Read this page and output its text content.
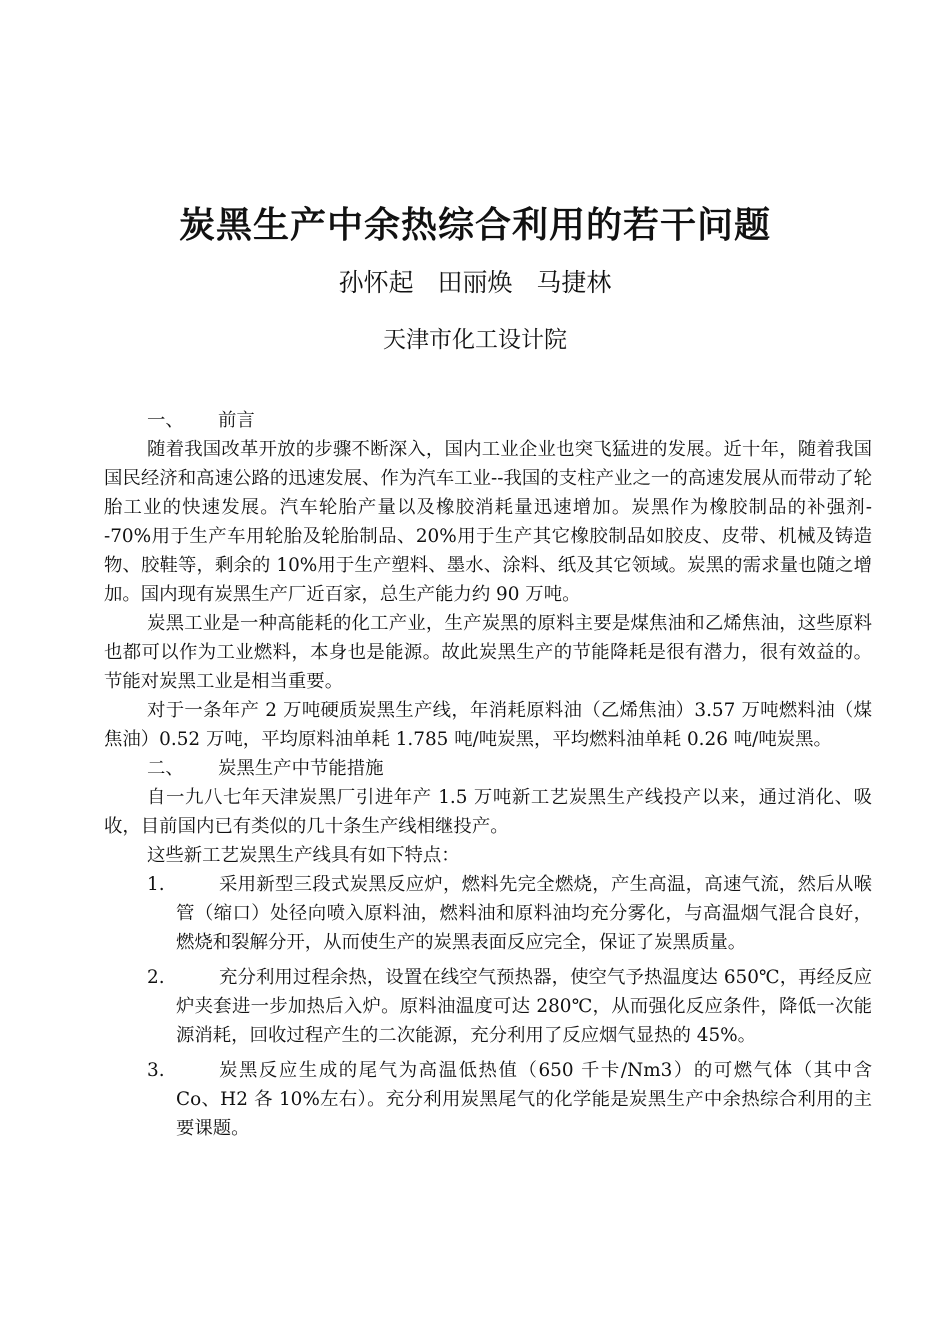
炭黑生产中余热综合利用的若干问题
孙怀起   田丽焕   马捷林
天津市化工设计院
一、 前言

随着我国改革开放的步骤不断深入，国内工业企业也突飞猛进的发展。近十年，随着我国国民经济和高速公路的迅速发展、作为汽车工业--我国的支柱产业之一的高速发展从而带动了轮胎工业的快速发展。汽车轮胎产量以及橡胶消耗量迅速增加。炭黑作为橡胶制品的补强剂--70%用于生产车用轮胎及轮胎制品、20%用于生产其它橡胶制品如胶皮、皮带、机械及铸造物、胶鞋等，剩余的 10%用于生产塑料、墨水、涂料、纸及其它领域。炭黑的需求量也随之增加。国内现有炭黑生产厂近百家，总生产能力约 90 万吨。

炭黑工业是一种高能耗的化工产业，生产炭黑的原料主要是煤焦油和乙烯焦油，这些原料也都可以作为工业燃料，本身也是能源。故此炭黑生产的节能降耗是很有潜力，很有效益的。节能对炭黑工业是相当重要。

对于一条年产 2 万吨硬质炭黑生产线，年消耗原料油（乙烯焦油）3.57 万吨燃料油（煤焦油）0.52 万吨，平均原料油单耗 1.785 吨/吨炭黑，平均燃料油单耗 0.26 吨/吨炭黑。

二、 炭黑生产中节能措施

自一九八七年天津炭黑厂引进年产 1.5 万吨新工艺炭黑生产线投产以来，通过消化、吸收，目前国内已有类似的几十条生产线相继投产。

这些新工艺炭黑生产线具有如下特点：

1.	采用新型三段式炭黑反应炉，燃料先完全燃烧，产生高温，高速气流，然后从喉管（缩口）处径向喷入原料油，燃料油和原料油均充分雾化，与高温烟气混合良好，燃烧和裂解分开，从而使生产的炭黑表面反应完全，保证了炭黑质量。
2.	充分利用过程余热，设置在线空气预热器，使空气予热温度达 650℃，再经反应炉夹套进一步加热后入炉。原料油温度可达 280℃，从而强化反应条件，降低一次能源消耗，回收过程产生的二次能源，充分利用了反应烟气显热的 45%。
3.	炭黑反应生成的尾气为高温低热值（650 千卡/Nm3）的可燃气体（其中含 Co、H2 各 10%左右）。充分利用炭黑尾气的化学能是炭黑生产中余热综合利用的主要课题。
